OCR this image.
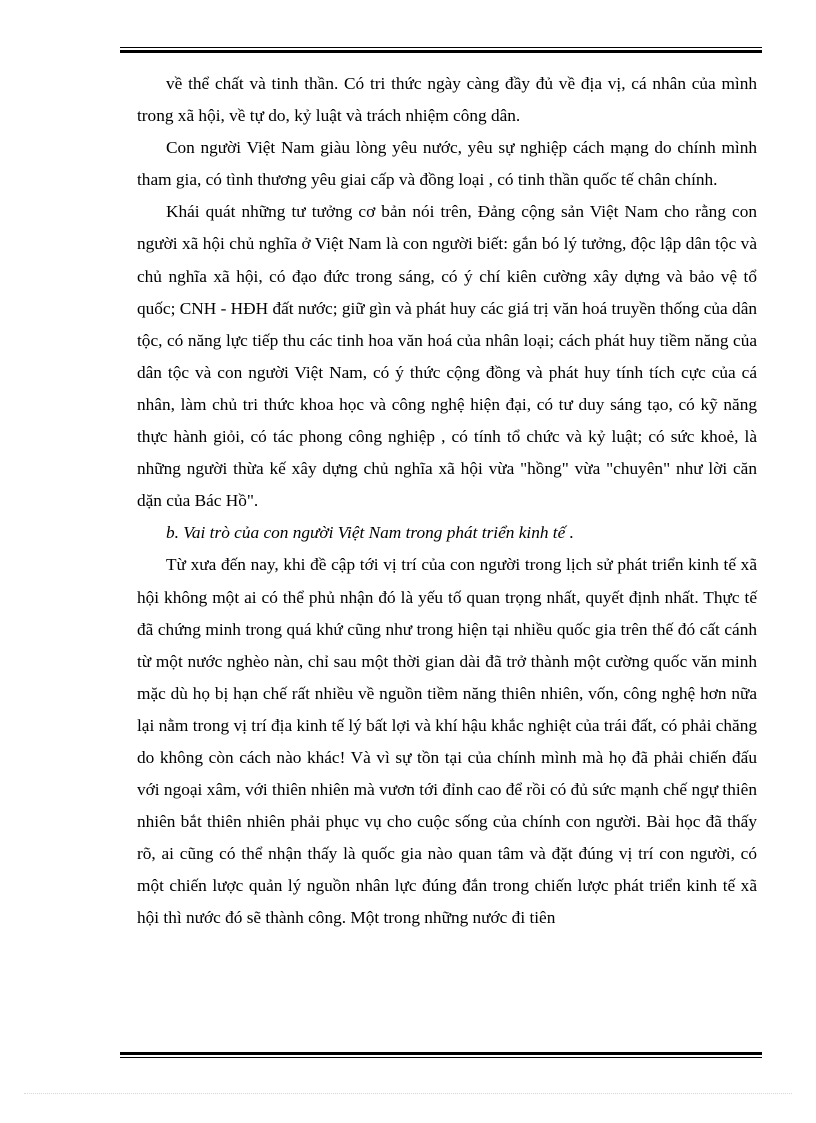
về thể chất và tinh thần. Có tri thức ngày càng đầy đủ về địa vị, cá nhân của mình trong xã hội, về tự do, kỷ luật và trách nhiệm công dân.

Con người Việt Nam giàu lòng yêu nước, yêu sự nghiệp cách mạng do chính mình tham gia, có tình thương yêu giai cấp và đồng loại , có tinh thần quốc tế chân chính.

Khái quát những tư tưởng cơ bản nói trên, Đảng cộng sản Việt Nam cho rằng con người xã hội chủ nghĩa ở Việt Nam là con người biết: gắn bó lý tưởng, độc lập dân tộc và chủ nghĩa xã hội, có đạo đức trong sáng, có ý chí kiên cường xây dựng và bảo vệ tổ quốc; CNH - HĐH đất nước; giữ gìn và phát huy các giá trị văn hoá truyền thống của dân tộc, có năng lực tiếp thu các tinh hoa văn hoá của nhân loại; cách phát huy tiềm năng của dân tộc và con người Việt Nam, có ý thức cộng đồng và phát huy tính tích cực của cá nhân, làm chủ tri thức khoa học và công nghệ hiện đại, có tư duy sáng tạo, có kỹ năng thực hành giỏi, có tác phong công nghiệp , có tính tổ chức và kỷ luật; có sức khoẻ, là những người thừa kế xây dựng chủ nghĩa xã hội vừa "hồng" vừa "chuyên" như lời căn dặn của Bác Hồ".

b. Vai trò của con người Việt Nam trong phát triển kinh tế .

Từ xưa đến nay, khi đề cập tới vị trí của con người trong lịch sử phát triển kinh tế xã hội không một ai có thể phủ nhận đó là yếu tố quan trọng nhất, quyết định nhất. Thực tế đã chứng minh trong quá khứ cũng như trong hiện tại nhiều quốc gia trên thế đó cất cánh từ một nước nghèo nàn, chỉ sau một thời gian dài đã trở thành một cường quốc văn minh mặc dù họ bị hạn chế rất nhiều về nguồn tiềm năng thiên nhiên, vốn, công nghệ hơn nữa lại nằm trong vị trí địa kinh tế lý bất lợi và khí hậu khắc nghiệt của trái đất, có phải chăng do không còn cách nào khác! Và vì sự tồn tại của chính mình mà họ đã phải chiến đấu với ngoại xâm, với thiên nhiên mà vươn tới đỉnh cao để rồi có đủ sức mạnh chế ngự thiên nhiên bắt thiên nhiên phải phục vụ cho cuộc sống của chính con người. Bài học đã thấy rõ, ai cũng có thể nhận thấy là quốc gia nào quan tâm và đặt đúng vị trí con người, có một chiến lược quản lý nguồn nhân lực đúng đắn trong chiến lược phát triển kinh tế xã hội thì nước đó sẽ thành công. Một trong những nước đi tiên
